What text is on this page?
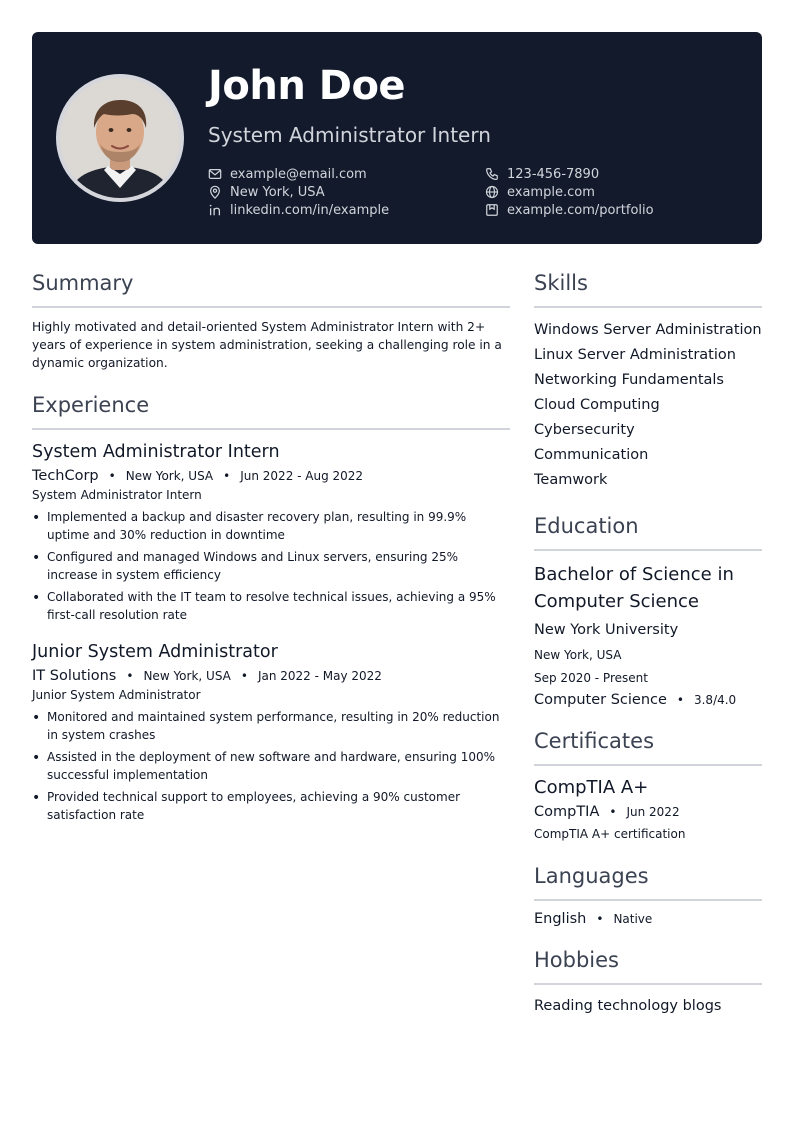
John Doe
System Administrator Intern
example@email.com	123-456-7890
New York, USA	example.com
linkedin.com/in/example	example.com/portfolio
Summary
Highly motivated and detail-oriented System Administrator Intern with 2+ years of experience in system administration, seeking a challenging role in a dynamic organization.
Experience
System Administrator Intern
TechCorp • New York, USA • Jun 2022 - Aug 2022
System Administrator Intern
• Implemented a backup and disaster recovery plan, resulting in 99.9% uptime and 30% reduction in downtime
• Configured and managed Windows and Linux servers, ensuring 25% increase in system efficiency
• Collaborated with the IT team to resolve technical issues, achieving a 95% first-call resolution rate
Junior System Administrator
IT Solutions • New York, USA • Jan 2022 - May 2022
Junior System Administrator
• Monitored and maintained system performance, resulting in 20% reduction in system crashes
• Assisted in the deployment of new software and hardware, ensuring 100% successful implementation
• Provided technical support to employees, achieving a 90% customer satisfaction rate
Skills
Windows Server Administration
Linux Server Administration
Networking Fundamentals
Cloud Computing
Cybersecurity
Communication
Teamwork
Education
Bachelor of Science in Computer Science
New York University
New York, USA
Sep 2020 - Present
Computer Science • 3.8/4.0
Certificates
CompTIA A+
CompTIA • Jun 2022
CompTIA A+ certification
Languages
English • Native
Hobbies
Reading technology blogs
